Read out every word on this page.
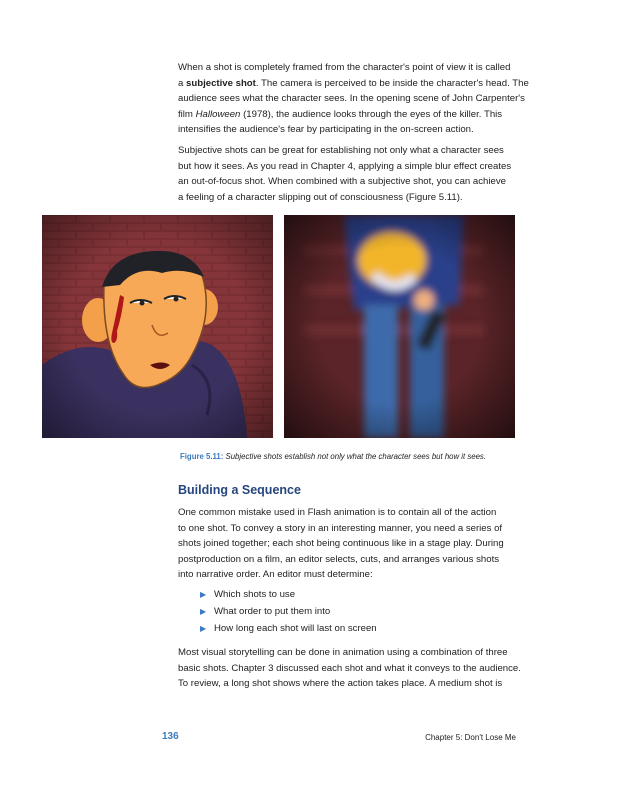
When a shot is completely framed from the character's point of view it is called
a subjective shot. The camera is perceived to be inside the character's head. The
audience sees what the character sees. In the opening scene of John Carpenter's
film Halloween (1978), the audience looks through the eyes of the killer. This
intensifies the audience's fear by participating in the on-screen action.

Subjective shots can be great for establishing not only what a character sees
but how it sees. As you read in Chapter 4, applying a simple blur effect creates
an out-of-focus shot. When combined with a subjective shot, you can achieve
a feeling of a character slipping out of consciousness (Figure 5.11).

Figure 5.11: Subjective shots establish not only what the character sees but how it sees.
Building a Sequence

One common mistake used in Flash animation is to contain all of the action
to one shot. To convey a story in an interesting manner, you need a series of
shots joined together; each shot being continuous like in a stage play. During
postproduction on a film, an editor selects, cuts, and arranges various shots
into narrative order. An editor must determine:

▶ Which shots to use
▶ What order to put them into
▶ How long each shot will last on screen

Most visual storytelling can be done in animation using a combination of three
basic shots. Chapter 3 discussed each shot and what it conveys to the audience.
To review, a long shot shows where the action takes place. A medium shot is

136	Chapter 5: Don't Lose Me
